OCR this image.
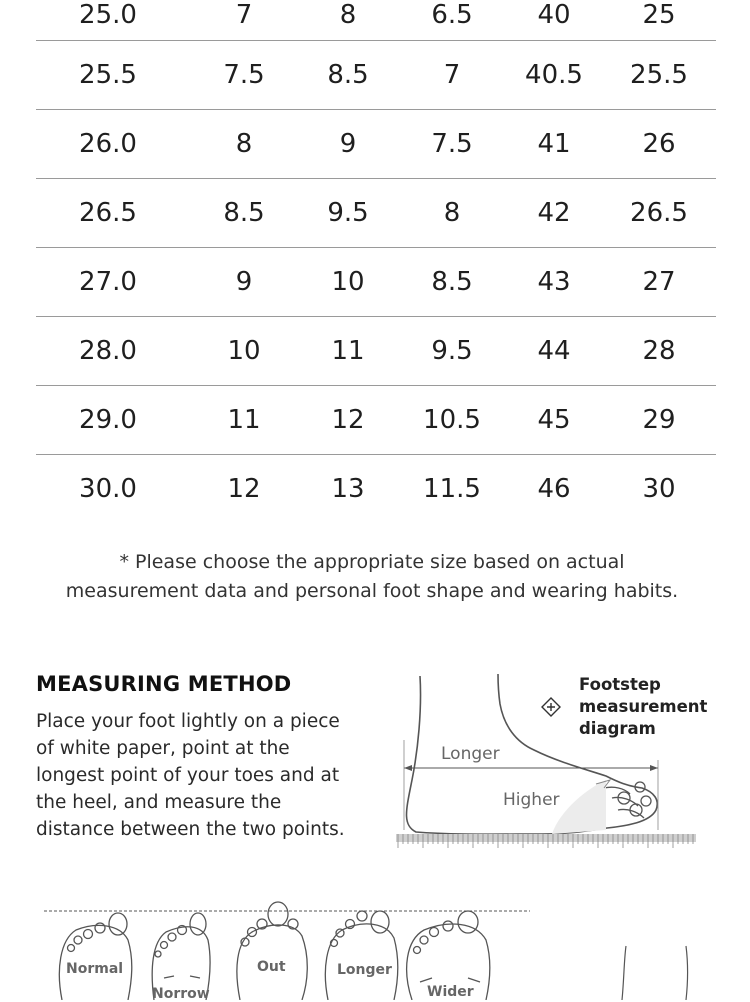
25.0	7	8	6.5	40	25
25.5	7.5	8.5	7	40.5	25.5
26.0	8	9	7.5	41	26
26.5	8.5	9.5	8	42	26.5
27.0	9	10	8.5	43	27
28.0	10	11	9.5	44	28
29.0	11	12	10.5	45	29
30.0	12	13	11.5	46	30
* Please choose the appropriate size based on actual
measurement data and personal foot shape and wearing habits.
MEASURING METHOD
Place your foot lightly on a piece
of white paper, point at the
longest point of your toes and at
the heel, and measure the
distance between the two points.
Footstep
measurement
diagram
Longer
Higher
Normal
Norrow
Out	Longer
Wider
